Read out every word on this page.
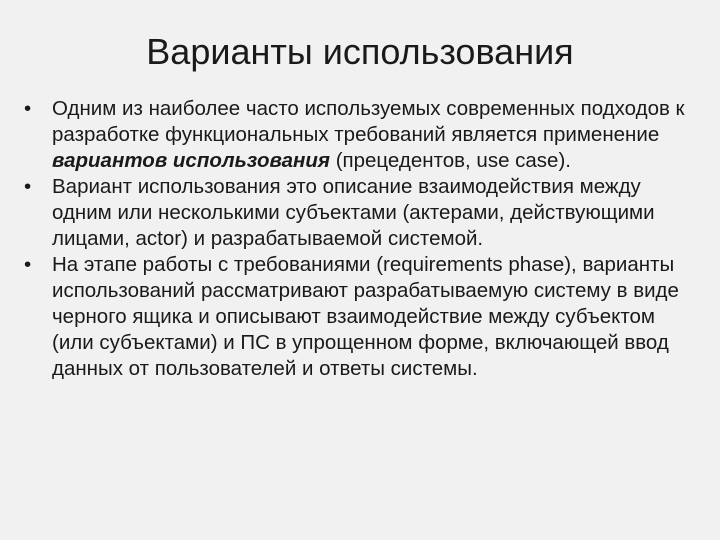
Варианты использования
•	Одним из наиболее часто используемых современных подходов к разработке функциональных требований является применение вариантов использования (прецедентов, use case).
•	Вариант использования это описание взаимодействия между одним или несколькими субъектами (актерами, действующими лицами, actor) и разрабатываемой системой.
•	На этапе работы с требованиями (requirements phase), варианты использований рассматривают разрабатываемую систему в виде черного ящика и описывают взаимодействие между субъектом (или субъектами) и ПС в упрощенном форме, включающей ввод данных от пользователей и ответы системы.
